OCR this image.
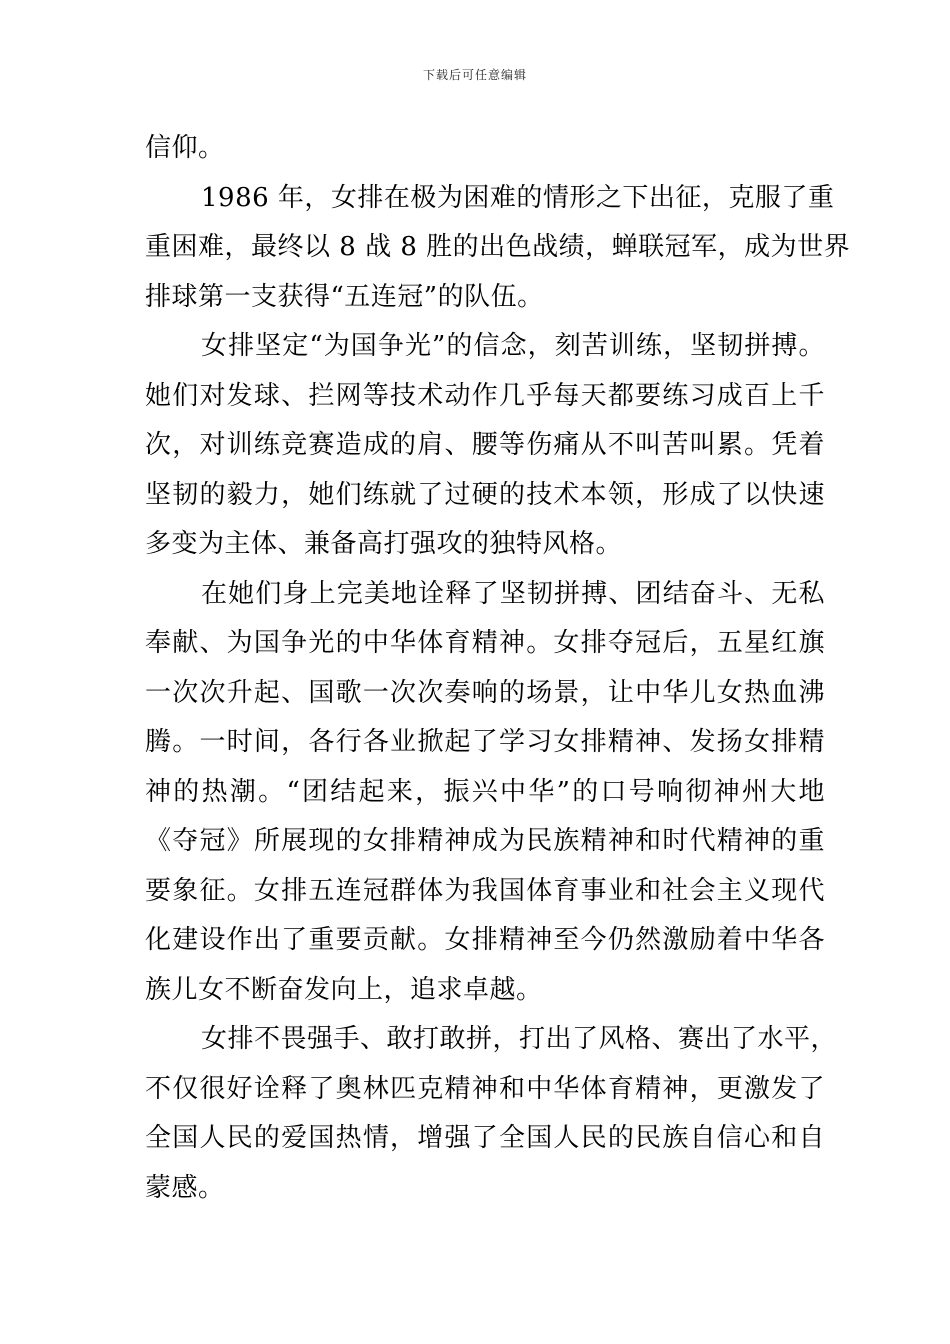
下载后可任意编辑
信仰。
1986 年，女排在极为困难的情形之下出征，克服了重
重困难，最终以 8 战 8 胜的出色战绩，蝉联冠军，成为世界
排球第一支获得“五连冠”的队伍。
女排坚定“为国争光”的信念，刻苦训练，坚韧拼搏。
她们对发球、拦网等技术动作几乎每天都要练习成百上千
次，对训练竞赛造成的肩、腰等伤痛从不叫苦叫累。凭着
坚韧的毅力，她们练就了过硬的技术本领，形成了以快速
多变为主体、兼备高打强攻的独特风格。
在她们身上完美地诠释了坚韧拼搏、团结奋斗、无私
奉献、为国争光的中华体育精神。女排夺冠后，五星红旗
一次次升起、国歌一次次奏响的场景，让中华儿女热血沸
腾。一时间，各行各业掀起了学习女排精神、发扬女排精
神的热潮。“团结起来，振兴中华”的口号响彻神州大地
《夺冠》所展现的女排精神成为民族精神和时代精神的重
要象征。女排五连冠群体为我国体育事业和社会主义现代
化建设作出了重要贡献。女排精神至今仍然激励着中华各
族儿女不断奋发向上，追求卓越。
女排不畏强手、敢打敢拼，打出了风格、赛出了水平，
不仅很好诠释了奥林匹克精神和中华体育精神，更激发了
全国人民的爱国热情，增强了全国人民的民族自信心和自
蒙感。
